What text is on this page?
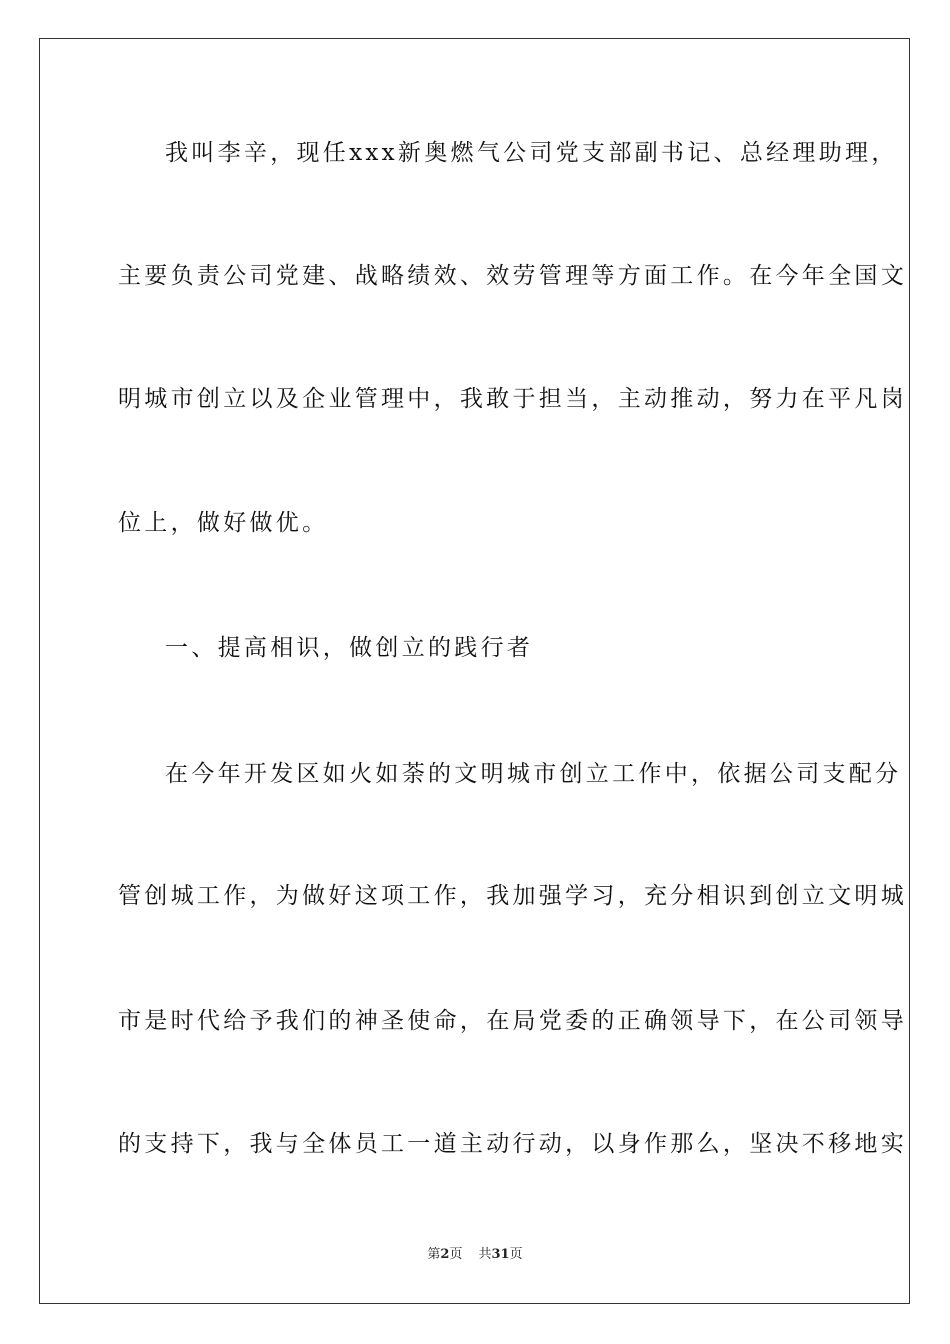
我叫李辛，现任xxx新奥燃气公司党支部副书记、总经理助理，
主要负责公司党建、战略绩效、效劳管理等方面工作。在今年全国文
明城市创立以及企业管理中，我敢于担当，主动推动，努力在平凡岗
位上，做好做优。
一、提高相识，做创立的践行者
在今年开发区如火如荼的文明城市创立工作中，依据公司支配分
管创城工作，为做好这项工作，我加强学习，充分相识到创立文明城
市是时代给予我们的神圣使命，在局党委的正确领导下，在公司领导
的支持下，我与全体员工一道主动行动，以身作那么，坚决不移地实
第2页 共31页
